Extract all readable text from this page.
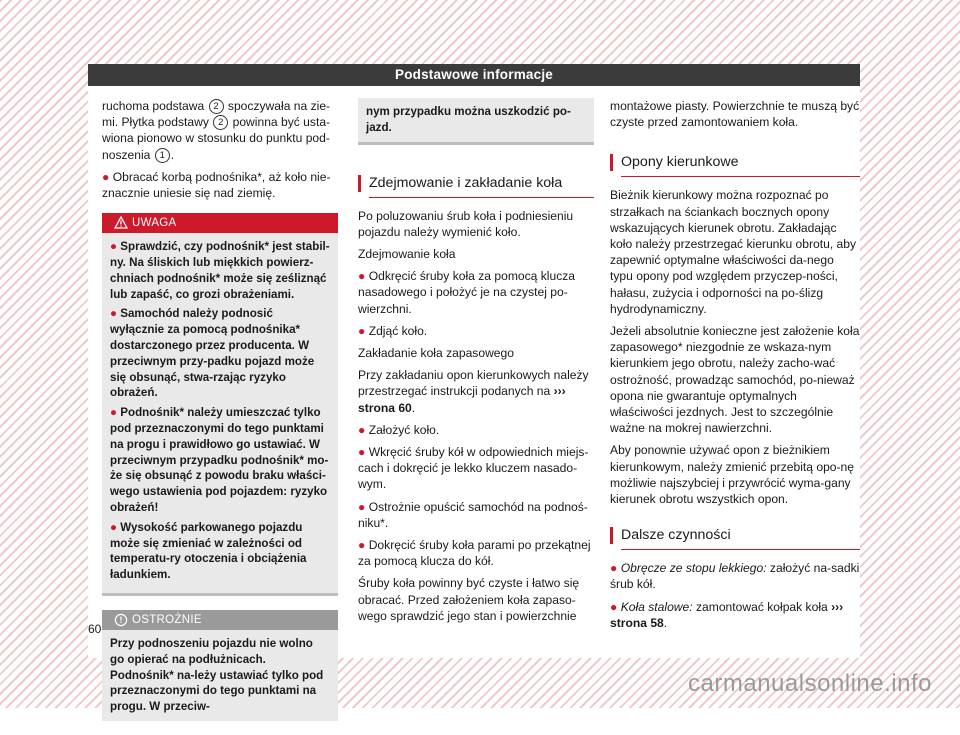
Podstawowe informacje

ruchoma podstawa 2 spoczywała na zie-mi. Płytka podstawy 2 powinna być usta-wiona pionowo w stosunku do punktu pod-noszenia 1 .

● Obracać korbą podnośnika*, aż koło nie-znacznie uniesie się nad ziemię.

UWAGA

● Sprawdzić, czy podnośnik* jest stabil-ny. Na śliskich lub miękkich powierz-chniach podnośnik* może się ześliznąć lub zapaść, co grozi obrażeniami.

● Samochód należy podnosić wyłącznie za pomocą podnośnika* dostarczonego przez producenta. W przeciwnym przy-padku pojazd może się obsunąć, stwa-rzając ryzyko obrażeń.

● Podnośnik* należy umieszczać tylko pod przeznaczonymi do tego punktami na progu i prawidłowo go ustawiać. W przeciwnym przypadku podnośnik* mo-że się obsunąć z powodu braku właści-wego ustawienia pod pojazdem: ryzyko obrażeń!

● Wysokość parkowanego pojazdu może się zmieniać w zależności od temperatu-ry otoczenia i obciążenia ładunkiem.

OSTROŻNIE

Przy podnoszeniu pojazdu nie wolno go opierać na podłużnicach. Podnośnik* na-leży ustawiać tylko pod przeznaczonymi do tego punktami na progu. W przeciw-

nym przypadku można uszkodzić po-jazd.
Zdejmowanie i zakładanie koła

Po poluzowaniu śrub koła i podniesieniu pojazdu należy wymienić koło.

Zdejmowanie koła

● Odkręcić śruby koła za pomocą klucza nasadowego i położyć je na czystej po-wierzchni.

● Zdjąć koło.

Zakładanie koła zapasowego

Przy zakładaniu opon kierunkowych należy przestrzegać instrukcji podanych na ››› strona 60.

● Założyć koło.

● Wkręcić śruby kół w odpowiednich miejs-cach i dokręcić je lekko kluczem nasado-wym.

● Ostrożnie opuścić samochód na podnoś-niku*.

● Dokręcić śruby koła parami po przekątnej za pomocą klucza do kół.

Śruby koła powinny być czyste i łatwo się obracać. Przed założeniem koła zapaso-wego sprawdzić jego stan i powierzchnie

montażowe piasty. Powierzchnie te muszą być czyste przed zamontowaniem koła.

Opony kierunkowe

Bieżnik kierunkowy można rozpoznać po strzałkach na ściankach bocznych opony wskazujących kierunek obrotu. Zakładając koło należy przestrzegać kierunku obrotu, aby zapewnić optymalne właściwości da-nego typu opony pod względem przyczep-ności, hałasu, zużycia i odporności na po-ślizg hydrodynamiczny.

Jeżeli absolutnie konieczne jest założenie koła zapasowego* niezgodnie ze wskaza-nym kierunkiem jego obrotu, należy zacho-wać ostrożność, prowadząc samochód, po-nieważ opona nie gwarantuje optymalnych właściwości jezdnych. Jest to szczególnie ważne na mokrej nawierzchni.

Aby ponownie używać opon z bieżnikiem kierunkowym, należy zmienić przebitą opo-nę możliwie najszybciej i przywrócić wyma-gany kierunek obrotu wszystkich opon.

Dalsze czynności

● Obręcze ze stopu lekkiego: założyć na-sadki śrub kół.

● Koła stalowe: zamontować kołpak koła ››› strona 58.

60
carmanualsonline.info
